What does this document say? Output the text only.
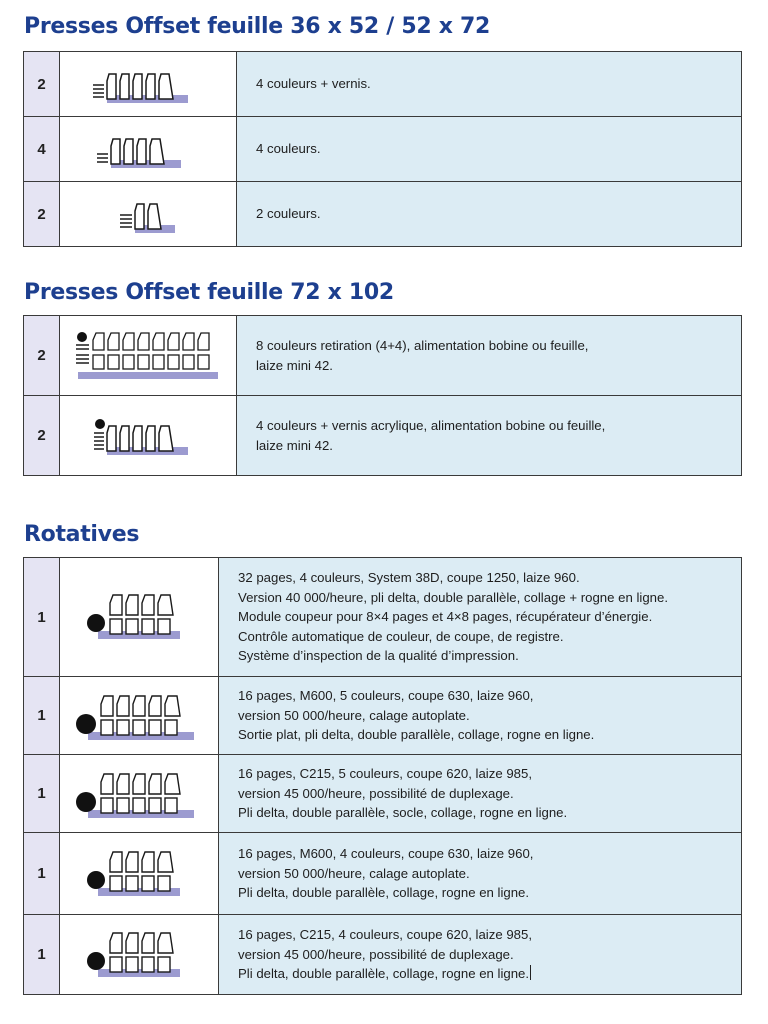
Presses Offset feuille 36 x 52 / 52 x 72
2		4 couleurs + vernis.

4		4 couleurs.

2		2 couleurs.
Presses Offset feuille 72 x 102
2		8 couleurs retiration (4+4), alimentation bobine ou feuille,
laize mini 42.

2		4 couleurs + vernis acrylique, alimentation bobine ou feuille,
laize mini 42.
Rotatives
1		32 pages, 4 couleurs, System 38D, coupe 1250, laize 960.
Version 40 000/heure, pli delta, double parallèle, collage + rogne en ligne.
Module coupeur pour 8×4 pages et 4×8 pages, récupérateur d’énergie.
Contrôle automatique de couleur, de coupe, de registre.
Système d’inspection de la qualité d’impression.

1		16 pages, M600, 5 couleurs, coupe 630, laize 960,
version 50 000/heure, calage autoplate.
Sortie plat, pli delta, double parallèle, collage, rogne en ligne.

1		16 pages, C215, 5 couleurs, coupe 620, laize 985,
version 45 000/heure, possibilité de duplexage.
Pli delta, double parallèle, socle, collage, rogne en ligne.

1		16 pages, M600, 4 couleurs, coupe 630, laize 960,
version 50 000/heure, calage autoplate.
Pli delta, double parallèle, collage, rogne en ligne.

1		16 pages, C215, 4 couleurs, coupe 620, laize 985,
version 45 000/heure, possibilité de duplexage.
Pli delta, double parallèle, collage, rogne en ligne.
